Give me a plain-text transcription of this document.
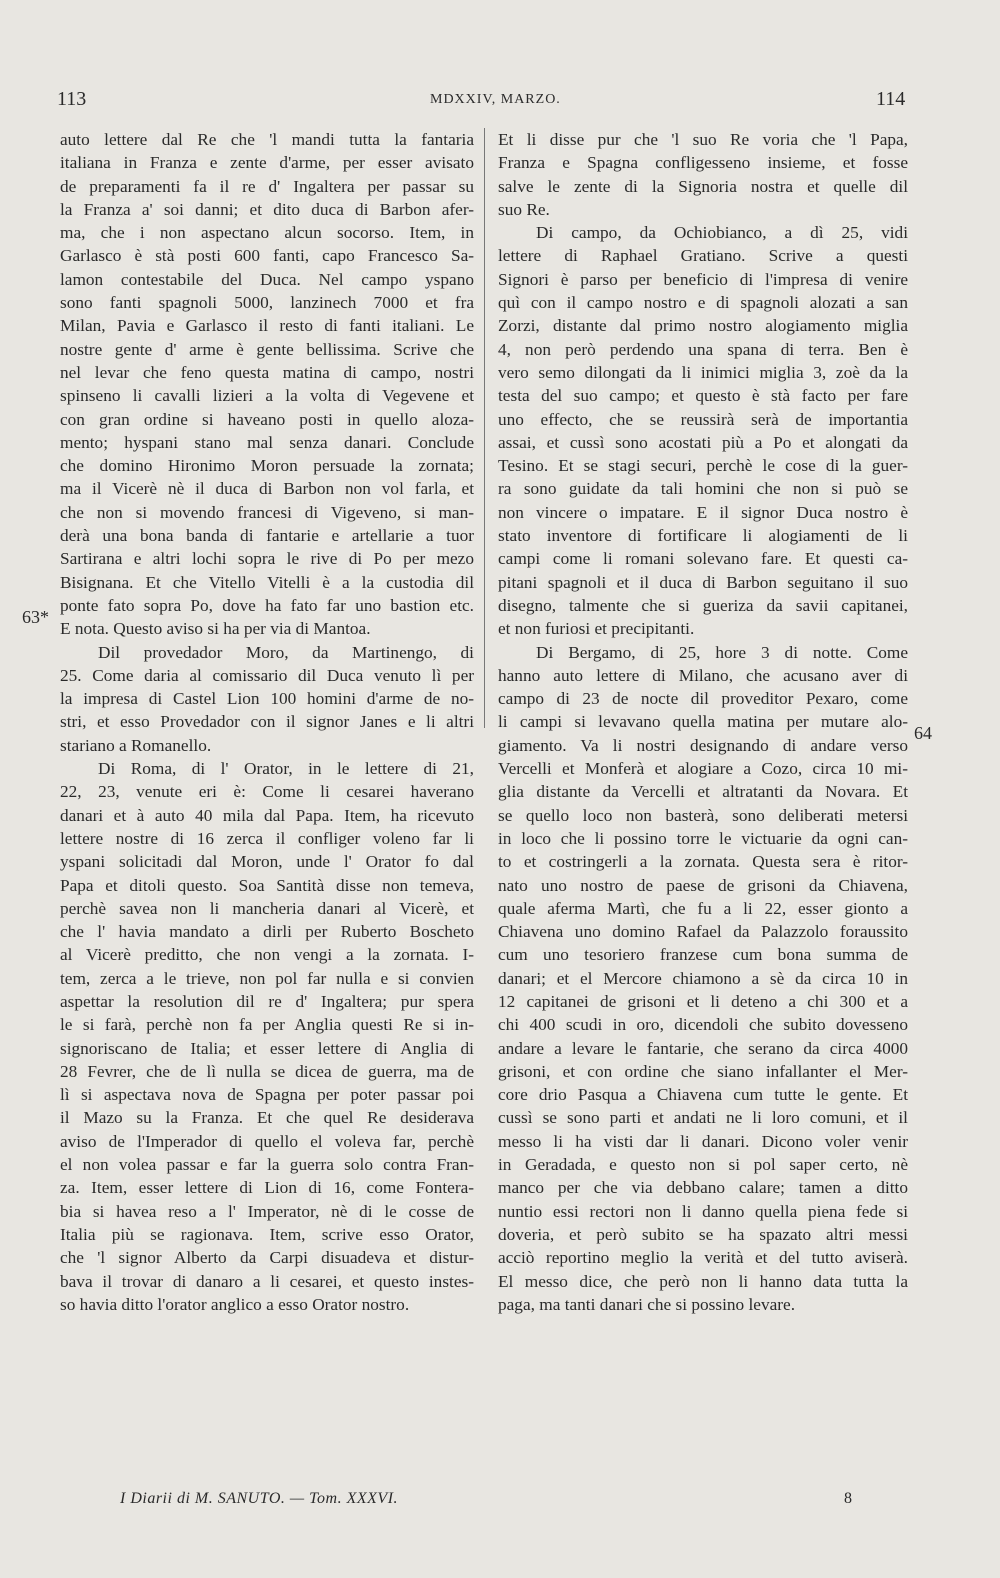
113	MDXXIV, MARZO.	114
63*
64

auto lettere dal Re che 'l mandi tutta la fantaria

italiana in Franza e zente d'arme, per esser avisato

de preparamenti fa il re d' Ingaltera per passar su

la Franza a' soi danni; et dito duca di Barbon afer-

ma, che i non aspectano alcun socorso. Item, in

Garlasco è stà posti 600 fanti, capo Francesco Sa-

lamon contestabile del Duca. Nel campo yspano

sono fanti spagnoli 5000, lanzinech 7000 et fra

Milan, Pavia e Garlasco il resto di fanti italiani. Le

nostre gente d' arme è gente bellissima. Scrive che

nel levar che feno questa matina di campo, nostri

spinseno li cavalli lizieri a la volta di Vegevene et

con gran ordine si haveano posti in quello aloza-

mento; hyspani stano mal senza danari. Conclude

che domino Hironimo Moron persuade la zornata;

ma il Vicerè nè il duca di Barbon non vol farla, et

che non si movendo francesi di Vigeveno, si man-

derà una bona banda di fantarie e artellarie a tuor

Sartirana e altri lochi sopra le rive di Po per mezo

Bisignana. Et che Vitello Vitelli è a la custodia dil

ponte fato sopra Po, dove ha fato far uno bastion etc.

E nota. Questo aviso si ha per via di Mantoa.

Dil provedador Moro, da Martinengo, di

25. Come daria al comissario dil Duca venuto lì per

la impresa di Castel Lion 100 homini d'arme de no-

stri, et esso Provedador con il signor Janes e li altri

stariano a Romanello.

Di Roma, di l' Orator, in le lettere di 21,

22, 23, venute eri è: Come li cesarei haverano

danari et à auto 40 mila dal Papa. Item, ha ricevuto

lettere nostre di 16 zerca il confliger voleno far li

yspani solicitadi dal Moron, unde l' Orator fo dal

Papa et ditoli questo. Soa Santità disse non temeva,

perchè savea non li mancheria danari al Vicerè, et

che l' havia mandato a dirli per Ruberto Boscheto

al Vicerè preditto, che non vengi a la zornata. I-

tem, zerca a le trieve, non pol far nulla e si convien

aspettar la resolution dil re d' Ingaltera; pur spera

le si farà, perchè non fa per Anglia questi Re si in-

signoriscano de Italia; et esser lettere di Anglia di

28 Fevrer, che de lì nulla se dicea de guerra, ma de

lì si aspectava nova de Spagna per poter passar poi

il Mazo su la Franza. Et che quel Re desiderava

aviso de l'Imperador di quello el voleva far, perchè

el non volea passar e far la guerra solo contra Fran-

za. Item, esser lettere di Lion di 16, come Fontera-

bia si havea reso a l' Imperator, nè di le cosse de

Italia più se ragionava. Item, scrive esso Orator,

che 'l signor Alberto da Carpi disuadeva et distur-

bava il trovar di danaro a li cesarei, et questo instes-

so havia ditto l'orator anglico a esso Orator nostro.

Et li disse pur che 'l suo Re voria che 'l Papa,

Franza e Spagna confligesseno insieme, et fosse

salve le zente di la Signoria nostra et quelle dil

suo Re.

Di campo, da Ochiobianco, a dì 25, vidi

lettere di Raphael Gratiano. Scrive a questi

Signori è parso per beneficio di l'impresa di venire

quì con il campo nostro e di spagnoli alozati a san

Zorzi, distante dal primo nostro alogiamento miglia

4, non però perdendo una spana di terra. Ben è

vero semo dilongati da li inimici miglia 3, zoè da la

testa del suo campo; et questo è stà facto per fare

uno effecto, che se reussirà serà de importantia

assai, et cussì sono acostati più a Po et alongati da

Tesino. Et se stagi securi, perchè le cose di la guer-

ra sono guidate da tali homini che non si può se

non vincere o impatare. E il signor Duca nostro è

stato inventore di fortificare li alogiamenti de li

campi come li romani solevano fare. Et questi ca-

pitani spagnoli et il duca di Barbon seguitano il suo

disegno, talmente che si gueriza da savii capitanei,

et non furiosi et precipitanti.

Di Bergamo, di 25, hore 3 di notte. Come

hanno auto lettere di Milano, che acusano aver di

campo di 23 de nocte dil proveditor Pexaro, come

li campi si levavano quella matina per mutare alo-

giamento. Va li nostri designando di andare verso

Vercelli et Monferà et alogiare a Cozo, circa 10 mi-

glia distante da Vercelli et altratanti da Novara. Et

se quello loco non basterà, sono deliberati metersi

in loco che li possino torre le victuarie da ogni can-

to et costringerli a la zornata. Questa sera è ritor-

nato uno nostro de paese de grisoni da Chiavena,

quale aferma Martì, che fu a li 22, esser gionto a

Chiavena uno domino Rafael da Palazzolo foraussito

cum uno tesoriero franzese cum bona summa de

danari; et el Mercore chiamono a sè da circa 10 in

12 capitanei de grisoni et li deteno a chi 300 et a

chi 400 scudi in oro, dicendoli che subito dovesseno

andare a levare le fantarie, che serano da circa 4000

grisoni, et con ordine che siano infallanter el Mer-

core drio Pasqua a Chiavena cum tutte le gente. Et

cussì se sono parti et andati ne li loro comuni, et il

messo li ha visti dar li danari. Dicono voler venir

in Geradada, e questo non si pol saper certo, nè

manco per che via debbano calare; tamen a ditto

nuntio essi rectori non li danno quella piena fede si

doveria, et però subito se ha spazato altri messi

acciò reportino meglio la verità et del tutto aviserà.

El messo dice, che però non li hanno data tutta la

paga, ma tanti danari che si possino levare.

I Diarii di M. SANUTO. — Tom. XXXVI.	8
